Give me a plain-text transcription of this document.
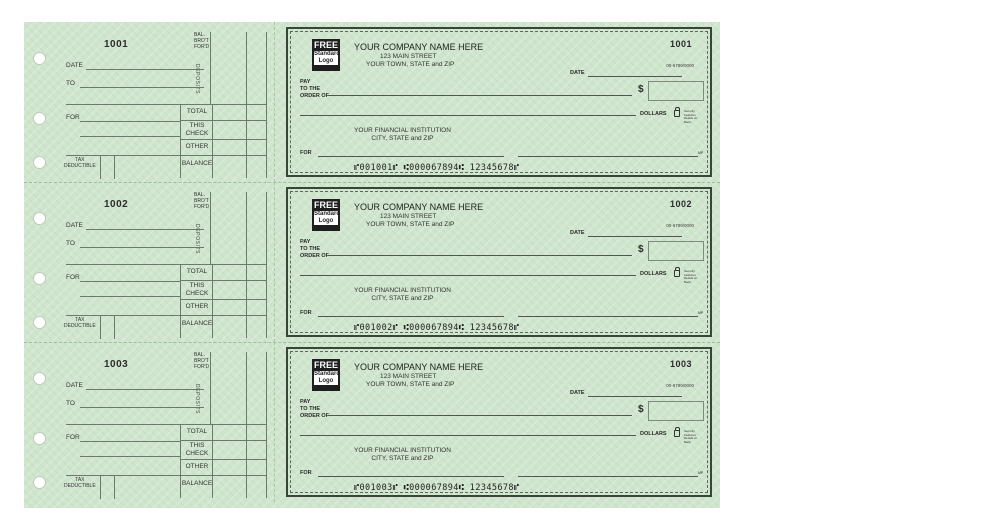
1001
BAL.
BRO'T
FOR'D
DEPOSITS
DATE
TO
FOR
TOTAL
THIS
CHECK
OTHER
BALANCE
TAX
DEDUCTIBLE
FREE
Standard
Logo
YOUR COMPANY NAME HERE
123 MAIN STREET
YOUR TOWN, STATE and ZIP
1001
00-6789/0000
DATE
PAY
TO THE
ORDER OF
$
DOLLARS	Security Features Details on Back.
YOUR FINANCIAL INSTITUTION
CITY, STATE and ZIP
FOR	MP
⑈001001⑈ ⑆000067894⑆ 12345678⑈
1002
BAL.
BRO'T
FOR'D
DEPOSITS
DATE
TO
FOR
TOTAL
THIS
CHECK
OTHER
BALANCE
TAX
DEDUCTIBLE
FREE
Standard
Logo
YOUR COMPANY NAME HERE
123 MAIN STREET
YOUR TOWN, STATE and ZIP
1002
00-6789/0000
DATE
PAY
TO THE
ORDER OF
$
DOLLARS	Security Features Details on Back.
YOUR FINANCIAL INSTITUTION
CITY, STATE and ZIP
FOR	MP
⑈001002⑈ ⑆000067894⑆ 12345678⑈
1003
BAL.
BRO'T
FOR'D
DEPOSITS
DATE
TO
FOR
TOTAL
THIS
CHECK
OTHER
BALANCE
TAX
DEDUCTIBLE
FREE
Standard
Logo
YOUR COMPANY NAME HERE
123 MAIN STREET
YOUR TOWN, STATE and ZIP
1003
00-6789/0000
DATE
PAY
TO THE
ORDER OF
$
DOLLARS	Security Features Details on Back.
YOUR FINANCIAL INSTITUTION
CITY, STATE and ZIP
FOR	MP
⑈001003⑈ ⑆000067894⑆ 12345678⑈
